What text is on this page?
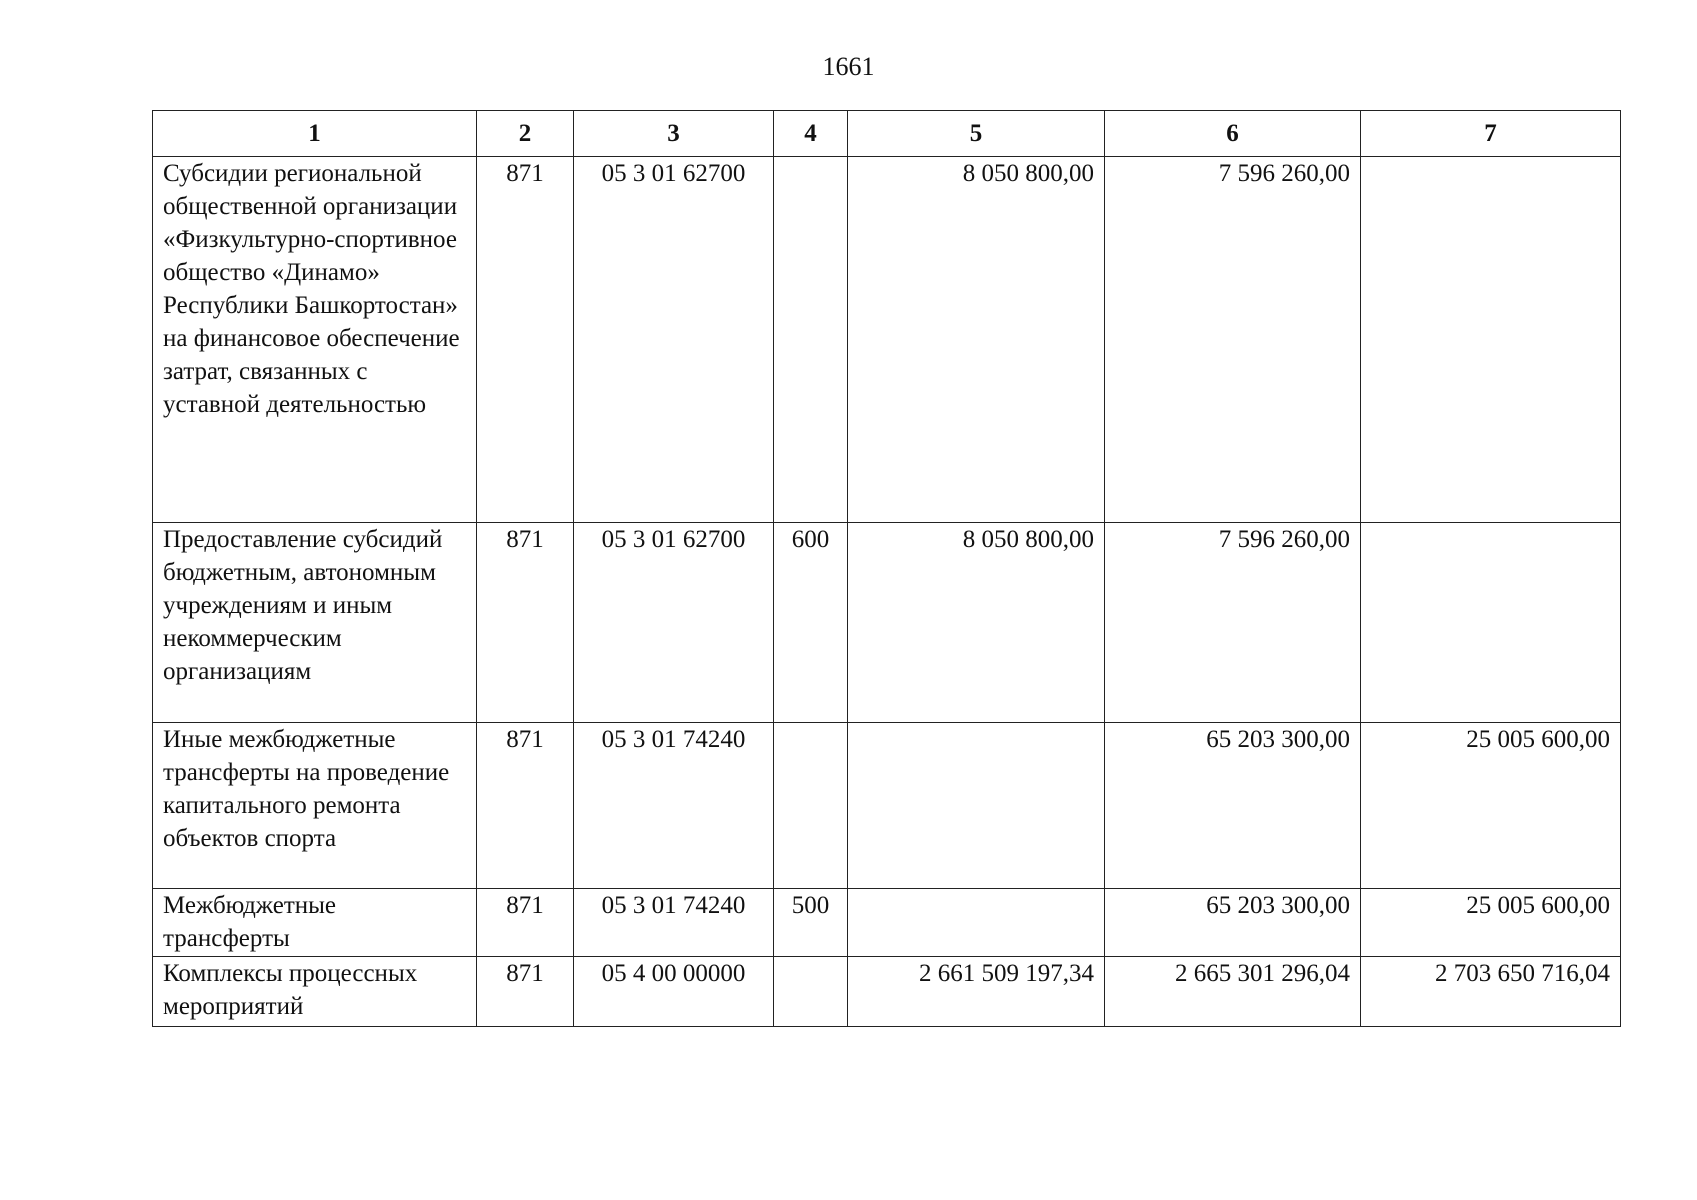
1661
1	2	3	4	5	6	7
Субсидии региональной общественной организации «Физкультурно-спортивное общество «Динамо» Республики Башкортостан» на финансовое обеспечение затрат, связанных с уставной деятельностью	871	05 3 01 62700		8 050 800,00	7 596 260,00	
Предоставление субсидий бюджетным, автономным учреждениям и иным некоммерческим организациям	871	05 3 01 62700	600	8 050 800,00	7 596 260,00	
Иные межбюджетные трансферты на проведение капитального ремонта объектов спорта	871	05 3 01 74240			65 203 300,00	25 005 600,00
Межбюджетные трансферты	871	05 3 01 74240	500		65 203 300,00	25 005 600,00
Комплексы процессных мероприятий	871	05 4 00 00000		2 661 509 197,34	2 665 301 296,04	2 703 650 716,04
